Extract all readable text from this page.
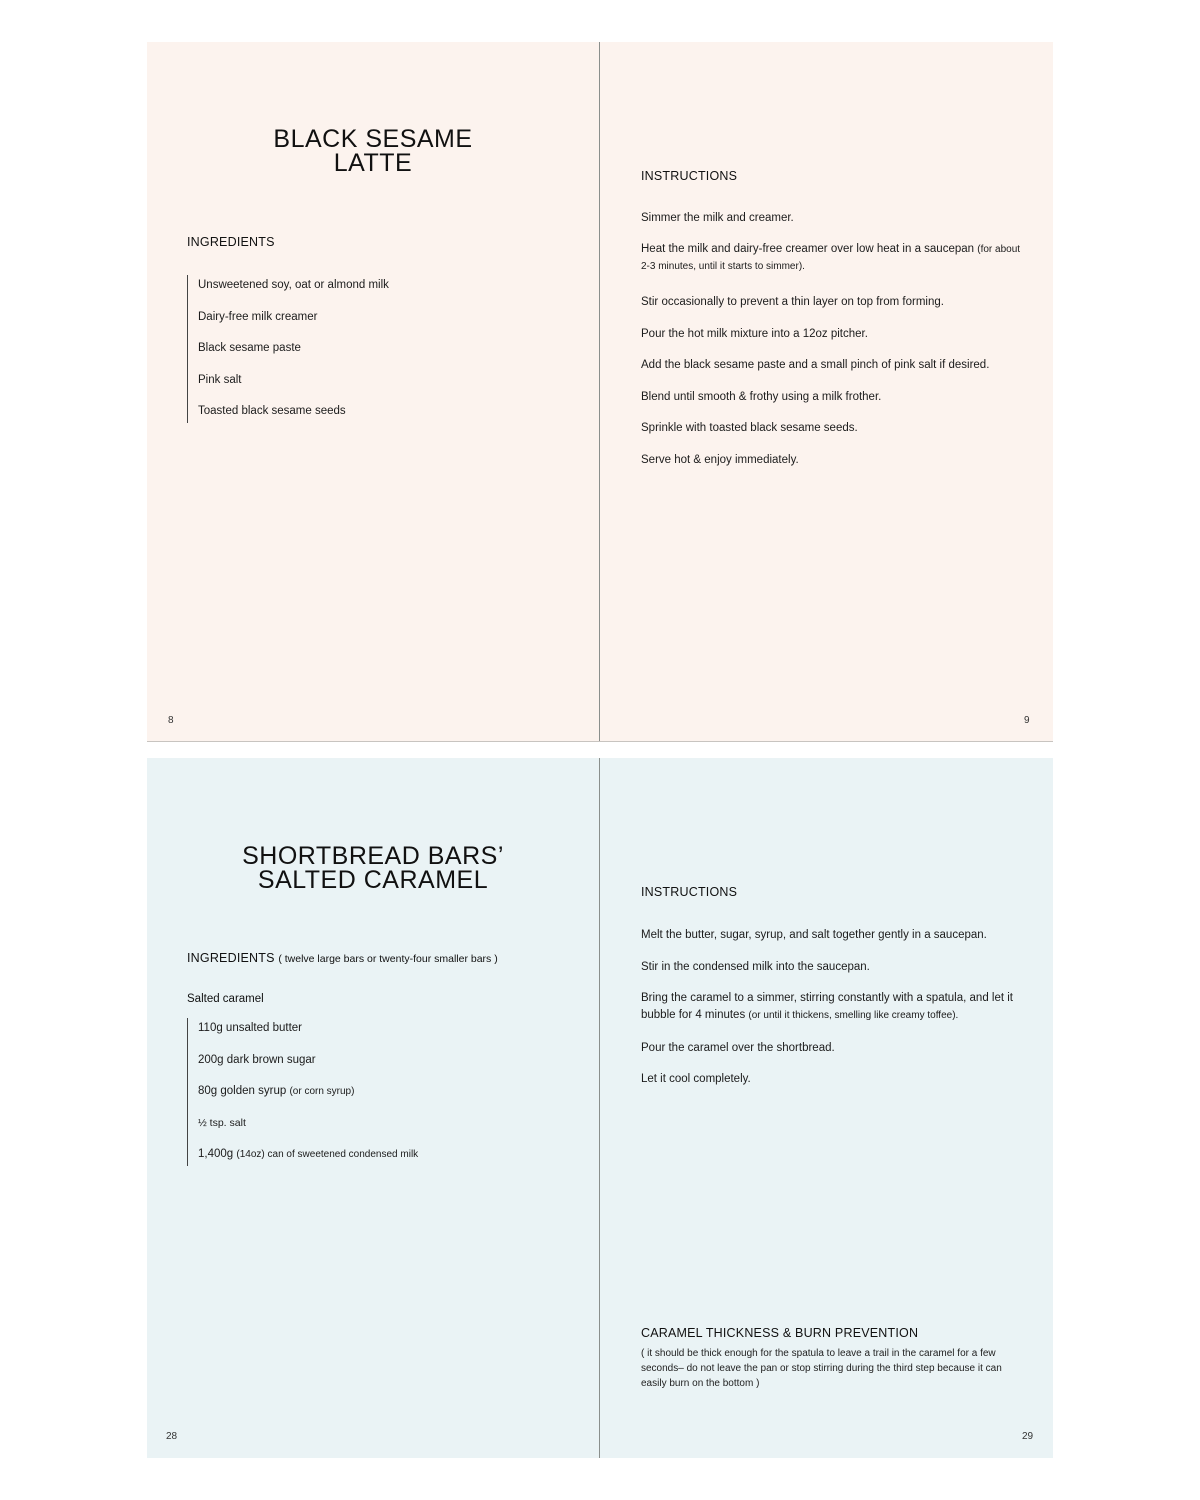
BLACK SESAME
LATTE
INGREDIENTS
Unsweetened soy, oat or almond milk
Dairy-free milk creamer
Black sesame paste
Pink salt
Toasted black sesame seeds
8
INSTRUCTIONS
Simmer the milk and creamer.
Heat the milk and dairy-free creamer over low heat in a saucepan (for about 2-3 minutes, until it starts to simmer).
Stir occasionally to prevent a thin layer on top from forming.
Pour the hot milk mixture into a 12oz pitcher.
Add the black sesame paste and a small pinch of pink salt if desired.
Blend until smooth & frothy using a milk frother.
Sprinkle with toasted black sesame seeds.
Serve hot & enjoy immediately.
9
SHORTBREAD BARS’
SALTED CARAMEL
INGREDIENTS ( twelve large bars or twenty-four smaller bars )
Salted caramel
110g unsalted butter
200g dark brown sugar
80g golden syrup (or corn syrup)
½ tsp. salt
1,400g (14oz) can of sweetened condensed milk
28
INSTRUCTIONS
Melt the butter, sugar, syrup, and salt together gently in a saucepan.
Stir in the condensed milk into the saucepan.
Bring the caramel to a simmer, stirring constantly with a spatula, and let it bubble for 4 minutes (or until it thickens, smelling like creamy toffee).
Pour the caramel over the shortbread.
Let it cool completely.
CARAMEL THICKNESS & BURN PREVENTION
( it should be thick enough for the spatula to leave a trail in the caramel for a few seconds– do not leave the pan or stop stirring during the third step because it can easily burn on the bottom )
29
